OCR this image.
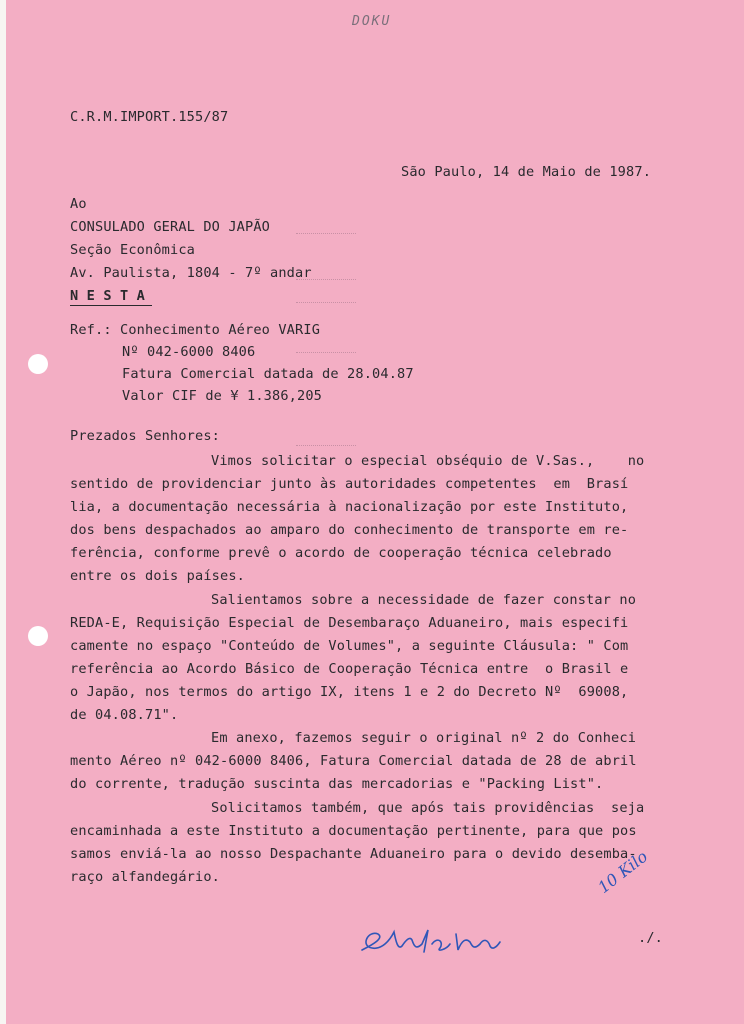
DOKU
C.R.M.IMPORT.155/87
São Paulo, 14 de Maio de 1987.
Ao
CONSULADO GERAL DO JAPÃO
Seção Econômica
Av. Paulista, 1804 - 7º andar
N E S T A
Ref.: Conhecimento Aéreo VARIG
Nº 042-6000 8406
Fatura Comercial datada de 28.04.87
Valor CIF de ¥ 1.386,205
Prezados Senhores:
Vimos solicitar o especial obséquio de V.Sas.,    no
sentido de providenciar junto às autoridades competentes  em  Brasí
lia, a documentação necessária à nacionalização por este Instituto,
dos bens despachados ao amparo do conhecimento de transporte em re-
ferência, conforme prevê o acordo de cooperação técnica celebrado
entre os dois países.
Salientamos sobre a necessidade de fazer constar no
REDA-E, Requisição Especial de Desembaraço Aduaneiro, mais especifi
camente no espaço "Conteúdo de Volumes", a seguinte Cláusula: " Com
referência ao Acordo Básico de Cooperação Técnica entre  o Brasil e
o Japão, nos termos do artigo IX, itens 1 e 2 do Decreto Nº  69008,
de 04.08.71".
Em anexo, fazemos seguir o original nº 2 do Conheci
mento Aéreo nº 042-6000 8406, Fatura Comercial datada de 28 de abril
do corrente, tradução suscinta das mercadorias e "Packing List".
Solicitamos também, que após tais providências  seja
encaminhada a este Instituto a documentação pertinente, para que pos
samos enviá-la ao nosso Despachante Aduaneiro para o devido desemba-
raço alfandegário.	10 Kilo
./.
